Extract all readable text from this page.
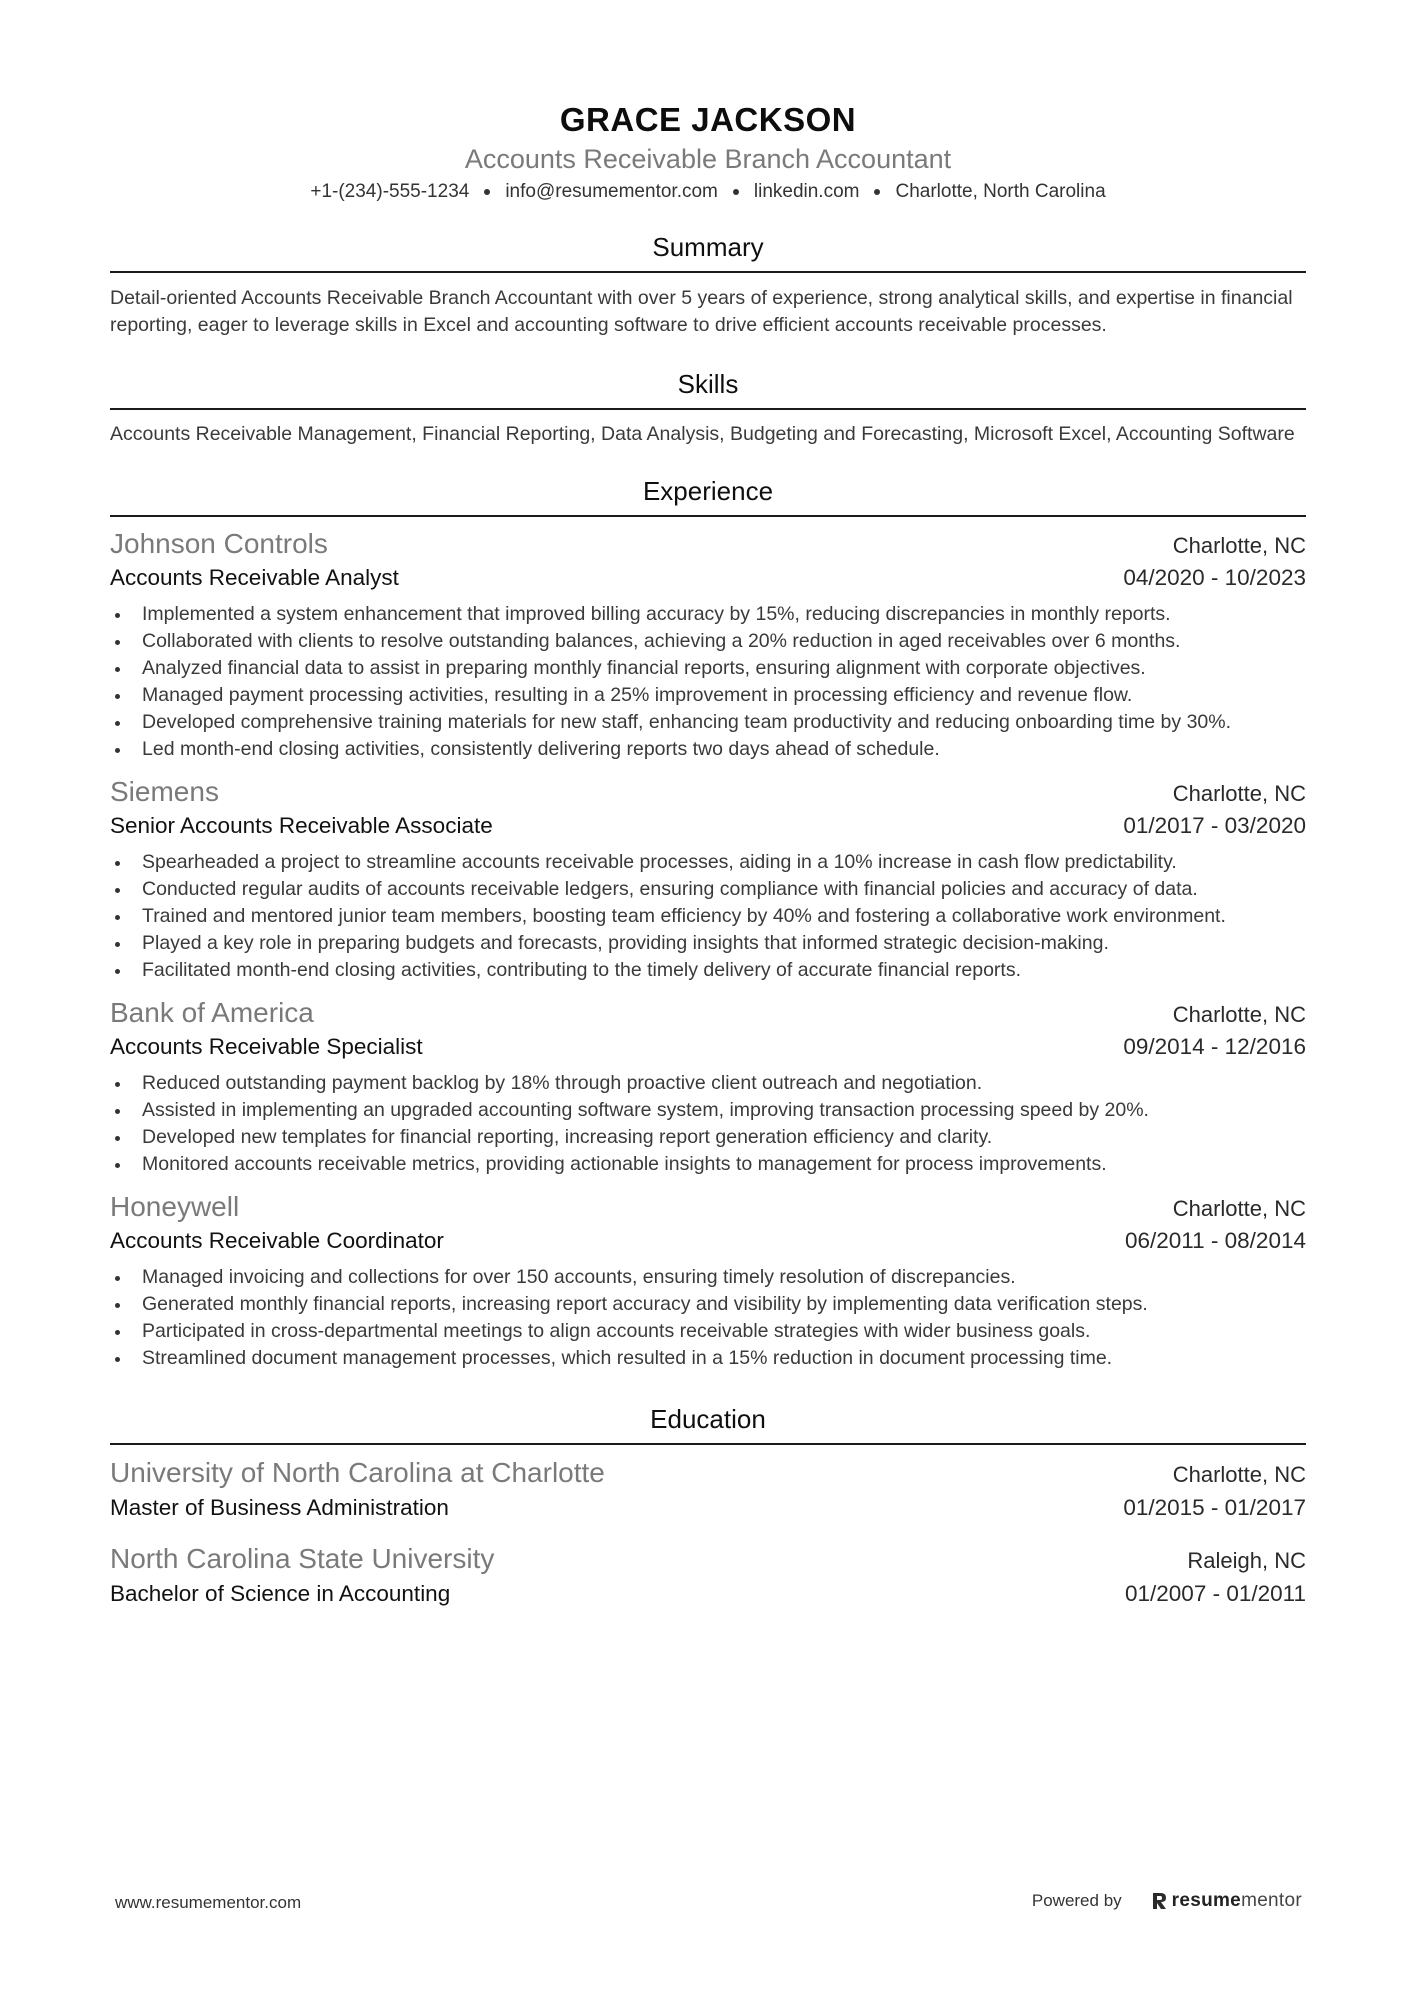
GRACE JACKSON
Accounts Receivable Branch Accountant
+1-(234)-555-1234 info@resumementor.com linkedin.com Charlotte, North Carolina
Summary
Detail-oriented Accounts Receivable Branch Accountant with over 5 years of experience, strong analytical skills, and expertise in financial reporting, eager to leverage skills in Excel and accounting software to drive efficient accounts receivable processes.
Skills
Accounts Receivable Management, Financial Reporting, Data Analysis, Budgeting and Forecasting, Microsoft Excel, Accounting Software
Experience
Johnson Controls	Charlotte, NC
Accounts Receivable Analyst	04/2020 - 10/2023
Implemented a system enhancement that improved billing accuracy by 15%, reducing discrepancies in monthly reports.
Collaborated with clients to resolve outstanding balances, achieving a 20% reduction in aged receivables over 6 months.
Analyzed financial data to assist in preparing monthly financial reports, ensuring alignment with corporate objectives.
Managed payment processing activities, resulting in a 25% improvement in processing efficiency and revenue flow.
Developed comprehensive training materials for new staff, enhancing team productivity and reducing onboarding time by 30%.
Led month-end closing activities, consistently delivering reports two days ahead of schedule.
Siemens	Charlotte, NC
Senior Accounts Receivable Associate	01/2017 - 03/2020
Spearheaded a project to streamline accounts receivable processes, aiding in a 10% increase in cash flow predictability.
Conducted regular audits of accounts receivable ledgers, ensuring compliance with financial policies and accuracy of data.
Trained and mentored junior team members, boosting team efficiency by 40% and fostering a collaborative work environment.
Played a key role in preparing budgets and forecasts, providing insights that informed strategic decision-making.
Facilitated month-end closing activities, contributing to the timely delivery of accurate financial reports.
Bank of America	Charlotte, NC
Accounts Receivable Specialist	09/2014 - 12/2016
Reduced outstanding payment backlog by 18% through proactive client outreach and negotiation.
Assisted in implementing an upgraded accounting software system, improving transaction processing speed by 20%.
Developed new templates for financial reporting, increasing report generation efficiency and clarity.
Monitored accounts receivable metrics, providing actionable insights to management for process improvements.
Honeywell	Charlotte, NC
Accounts Receivable Coordinator	06/2011 - 08/2014
Managed invoicing and collections for over 150 accounts, ensuring timely resolution of discrepancies.
Generated monthly financial reports, increasing report accuracy and visibility by implementing data verification steps.
Participated in cross-departmental meetings to align accounts receivable strategies with wider business goals.
Streamlined document management processes, which resulted in a 15% reduction in document processing time.
Education
University of North Carolina at Charlotte	Charlotte, NC
Master of Business Administration	01/2015 - 01/2017
North Carolina State University	Raleigh, NC
Bachelor of Science in Accounting	01/2007 - 01/2011
www.resumementor.com	Powered by	resumementor
